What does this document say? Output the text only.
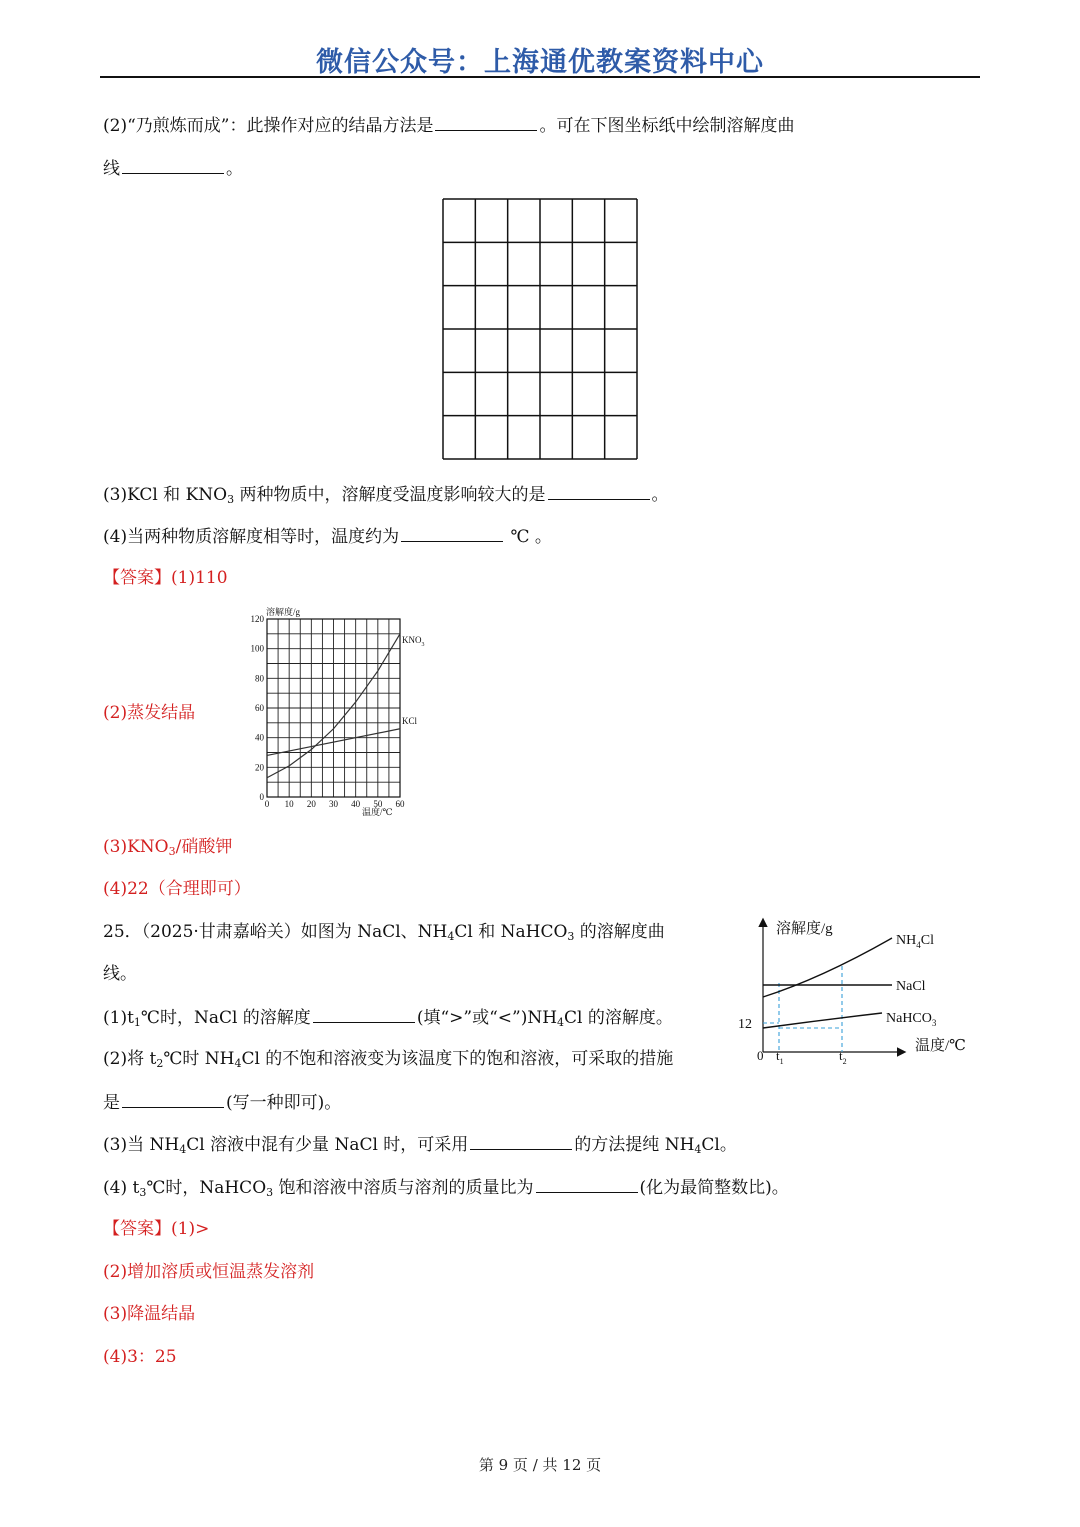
微信公众号：上海通优教案资料中心
(2)“乃煎炼而成”：此操作对应的结晶方法是	。可在下图坐标纸中绘制溶解度曲
线	。
(3)KCl 和 $KNO_3$ 两种物质中，溶解度受温度影响较大的是	。
(4)当两种物质溶解度相等时，温度约为	℃ 。
【答案】(1)110
(2)蒸发结晶
0
20
40
60
80
100
120
0 10 20 30 40 50 60
$KNO_3$
KCl
溶解度/g
温度/℃
$(3)KNO_3/$硝酸钾
(4)22（合理即可）
25．（2025·甘肃嘉峪关）如图为 NaCl、$NH_4Cl$ 和 NaHCO$_3$ 的溶解度曲
线。
$(1)t_1℃$时，NaCl 的溶解度	(填“>”或“$<”)NH_4Cl$ 的溶解度。
(2)将 $t_2℃$时 $NH_4Cl$ 的不饱和溶液变为该温度下的饱和溶液，可采取的措施
是	(写一种即可)。
(3)当 $NH_4Cl$ 溶液中混有少量 NaCl 时，可采用	的方法提纯 $NH_4Cl$。
(4) $t_3℃$时，NaHCO$_3$ 饱和溶液中溶质与溶剂的质量比为	(化为最简整数比)。
溶解度/g
温度/℃
$NH_4Cl$
NaCl
NaHCO$_3$
12
0 $t_1$	$t_2$
【答案】(1)>
(2)增加溶质或恒温蒸发溶剂
(3)降温结晶
(4)3：25
第 9 页 / 共 12 页
